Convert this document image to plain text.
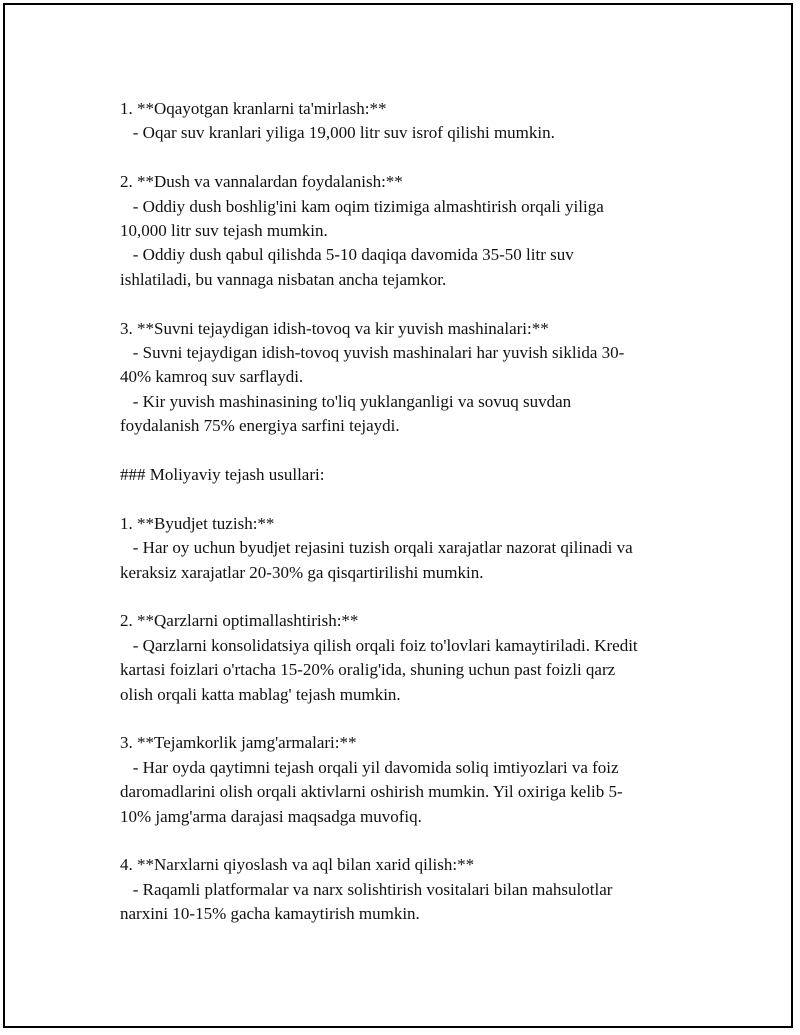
1. **Oqayotgan kranlarni ta'mirlash:**
- Oqar suv kranlari yiliga 19,000 litr suv isrof qilishi mumkin.
2. **Dush va vannalardan foydalanish:**
- Oddiy dush boshlig'ini kam oqim tizimiga almashtirish orqali yiliga
10,000 litr suv tejash mumkin.
- Oddiy dush qabul qilishda 5-10 daqiqa davomida 35-50 litr suv
ishlatiladi, bu vannaga nisbatan ancha tejamkor.
3. **Suvni tejaydigan idish-tovoq va kir yuvish mashinalari:**
- Suvni tejaydigan idish-tovoq yuvish mashinalari har yuvish siklida 30-
40% kamroq suv sarflaydi.
- Kir yuvish mashinasining to'liq yuklanganligi va sovuq suvdan
foydalanish 75% energiya sarfini tejaydi.
### Moliyaviy tejash usullari:
1. **Byudjet tuzish:**
- Har oy uchun byudjet rejasini tuzish orqali xarajatlar nazorat qilinadi va
keraksiz xarajatlar 20-30% ga qisqartirilishi mumkin.
2. **Qarzlarni optimallashtirish:**
- Qarzlarni konsolidatsiya qilish orqali foiz to'lovlari kamaytiriladi. Kredit
kartasi foizlari o'rtacha 15-20% oralig'ida, shuning uchun past foizli qarz
olish orqali katta mablag' tejash mumkin.
3. **Tejamkorlik jamg'armalari:**
- Har oyda qaytimni tejash orqali yil davomida soliq imtiyozlari va foiz
daromadlarini olish orqali aktivlarni oshirish mumkin. Yil oxiriga kelib 5-
10% jamg'arma darajasi maqsadga muvofiq.
4. **Narxlarni qiyoslash va aql bilan xarid qilish:**
- Raqamli platformalar va narx solishtirish vositalari bilan mahsulotlar
narxini 10-15% gacha kamaytirish mumkin.
